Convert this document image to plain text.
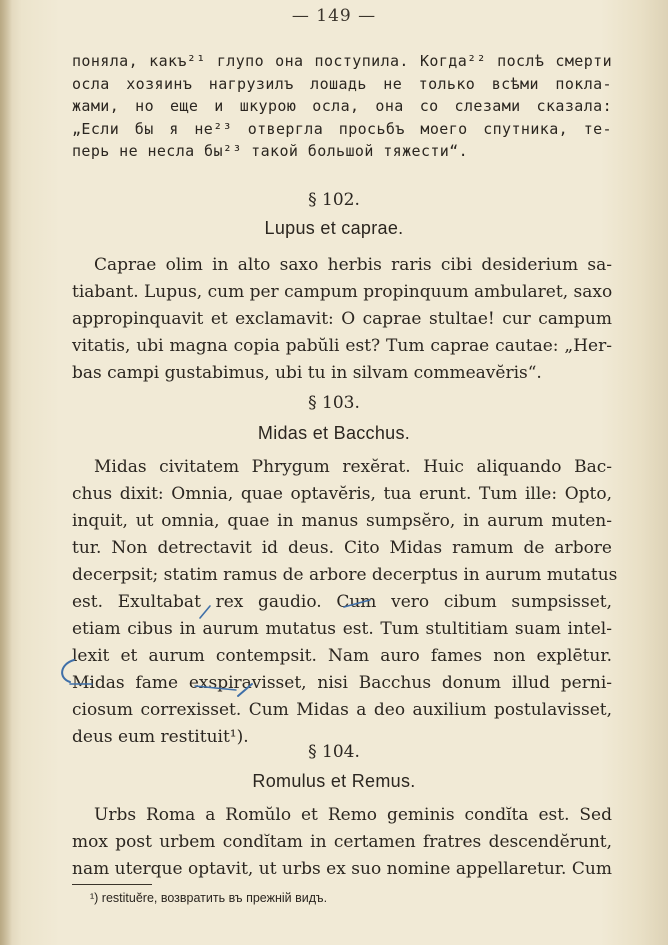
— 149 —
поняла, какъ²¹ глупо она поступила. Когда²² послѣ смерти
осла хозяинъ нагрузилъ лошадь не только всѣми покла-
жами, но еще и шкурою осла, она со слезами сказала:
„Если бы я не²³ отвергла просьбъ моего спутника, те-
перь не несла бы²³ такой большой тяжести“.
§ 102.
Lupus et caprae.
Caprae olim in alto saxo herbis raris cibi desiderium sa-
tiabant. Lupus, cum per campum propinquum ambularet, saxo
appropinquavit et exclamavit: O caprae stultae! cur campum
vitatis, ubi magna copia pabŭli est? Tum caprae cautae: „Her-
bas campi gustabimus, ubi tu in silvam commeavĕris“.
§ 103.
Midas et Bacchus.
Midas civitatem Phrygum rexĕrat. Huic aliquando Bac-
chus dixit: Omnia, quae optavĕris, tua erunt. Tum ille: Opto,
inquit, ut omnia, quae in manus sumpsĕro, in aurum muten-
tur. Non detrectavit id deus. Cito Midas ramum de arbore
decerpsit; statim ramus de arbore decerptus in aurum mutatus
est. Exultabat rex gaudio. Cum vero cibum sumpsisset,
etiam cibus in aurum mutatus est. Tum stultitiam suam intel-
lexit et aurum contempsit. Nam auro fames non explētur.
Midas fame exspiravisset, nisi Bacchus donum illud perni-
ciosum correxisset. Cum Midas a deo auxilium postulavisset,
deus eum restituit¹).
§ 104.
Romulus et Remus.
Urbs Roma a Romŭlo et Remo geminis condĭta est. Sed
mox post urbem condĭtam in certamen fratres descendĕrunt,
nam uterque optavit, ut urbs ex suo nomine appellaretur. Cum
¹) restituĕre, возвратить въ прежній видъ.
